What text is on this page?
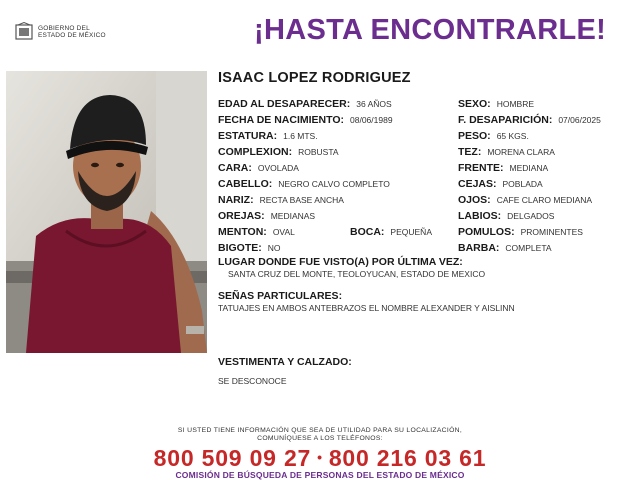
GOBIERNO DEL
ESTADO DE MÉXICO	¡HASTA ENCONTRARLE!
ISAAC LOPEZ RODRIGUEZ
EDAD AL DESAPARECER: 36 AÑOS
FECHA DE NACIMIENTO: 08/06/1989
ESTATURA: 1.6 MTS.
COMPLEXION: ROBUSTA
CARA: OVOLADA
CABELLO: NEGRO CALVO COMPLETO
NARIZ: RECTA BASE ANCHA
OREJAS: MEDIANAS
MENTON: OVAL
BIGOTE: NO
BOCA: PEQUEÑA
SEXO: HOMBRE
F. DESAPARICIÓN: 07/06/2025
PESO: 65 KGS.
TEZ: MORENA CLARA
FRENTE: MEDIANA
CEJAS: POBLADA
OJOS: CAFE CLARO MEDIANA
LABIOS: DELGADOS
POMULOS: PROMINENTES
BARBA: COMPLETA
LUGAR DONDE FUE VISTO(A) POR ÚLTIMA VEZ:
SANTA CRUZ DEL MONTE, TEOLOYUCAN, ESTADO DE MEXICO
SEÑAS PARTICULARES:
TATUAJES EN AMBOS ANTEBRAZOS EL NOMBRE ALEXANDER Y AISLINN
VESTIMENTA Y CALZADO:
SE DESCONOCE
SI USTED TIENE INFORMACIÓN QUE SEA DE UTILIDAD PARA SU LOCALIZACIÓN,
COMUNÍQUESE A LOS TELÉFONOS:
800 509 09 27 • 800 216 03 61
COMISIÓN DE BÚSQUEDA DE PERSONAS DEL ESTADO DE MÉXICO
